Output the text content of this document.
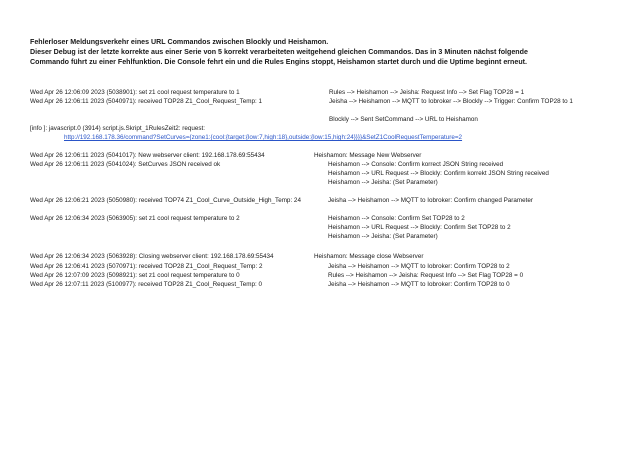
Fehlerloser Meldungsverkehr eines URL Commandos zwischen Blockly und Heishamon.
Dieser Debug ist der letzte korrekte aus einer Serie von 5 korrekt verarbeiteten weitgehend gleichen Commandos. Das in 3 Minuten nächst folgende
Commando führt zu einer Fehlfunktion. Die Console fehrt ein und die Rules Engins stoppt, Heishamon startet durch und die Uptime beginnt erneut.
Wed Apr 26 12:06:09 2023 (5038901): set z1 cool request temperature to 1
Wed Apr 26 12:06:11 2023 (5040971): received TOP28 Z1_Cool_Request_Temp: 1
[info ]: javascript.0 (3914) script.js.Skript_1RulesZeit2: request:
http://192.168.178.36/command?SetCurves={zone1:{cool:{target:{low:7,high:18},outside:{low:15,high:24}}}}&SetZ1CoolRequestTemperature=2
Wed Apr 26 12:06:11 2023 (5041017): New webserver client: 192.168.178.69:55434
Wed Apr 26 12:06:11 2023 (5041024): SetCurves JSON received ok
Wed Apr 26 12:06:21 2023 (5050980): received TOP74 Z1_Cool_Curve_Outside_High_Temp: 24
Wed Apr 26 12:06:34 2023 (5063905): set z1 cool request temperature to 2
Wed Apr 26 12:06:34 2023 (5063928): Closing webserver client: 192.168.178.69:55434
Wed Apr 26 12:06:41 2023 (5070971): received TOP28 Z1_Cool_Request_Temp: 2
Wed Apr 26 12:07:09 2023 (5098921): set z1 cool request temperature to 0
Wed Apr 26 12:07:11 2023 (5100977): received TOP28 Z1_Cool_Request_Temp: 0
Rules --> Heishamon --> Jeisha: Request Info --> Set Flag TOP28 = 1
Jeisha --> Heishamon --> MQTT to Iobroker --> Blockly --> Trigger: Confirm TOP28 to 1
Blockly --> Sent SetCommand --> URL to Heishamon
Heishamon: Message New Webserver
Heishamon --> Console: Confirm korrect JSON String received
Heishamon --> URL Request --> Blockly: Confirm korrekt JSON String received
Heishamon --> Jeisha: (Set Parameter)
Jeisha --> Heishamon --> MQTT to Iobroker: Confirm changed Parameter
Heishamon --> Console: Confirm Set TOP28 to 2
Heishamon --> URL Request --> Blockly: Confirm Set TOP28 to 2
Heishamon --> Jeisha: (Set Parameter)
Heishamon: Message close Webserver
Jeisha --> Heishamon --> MQTT to Iobroker: Confirm TOP28 to 2
Rules --> Heishamon --> Jeisha: Request Info --> Set Flag TOP28 = 0
Jeisha --> Heishamon --> MQTT to Iobroker: Confirm TOP28 to 0
